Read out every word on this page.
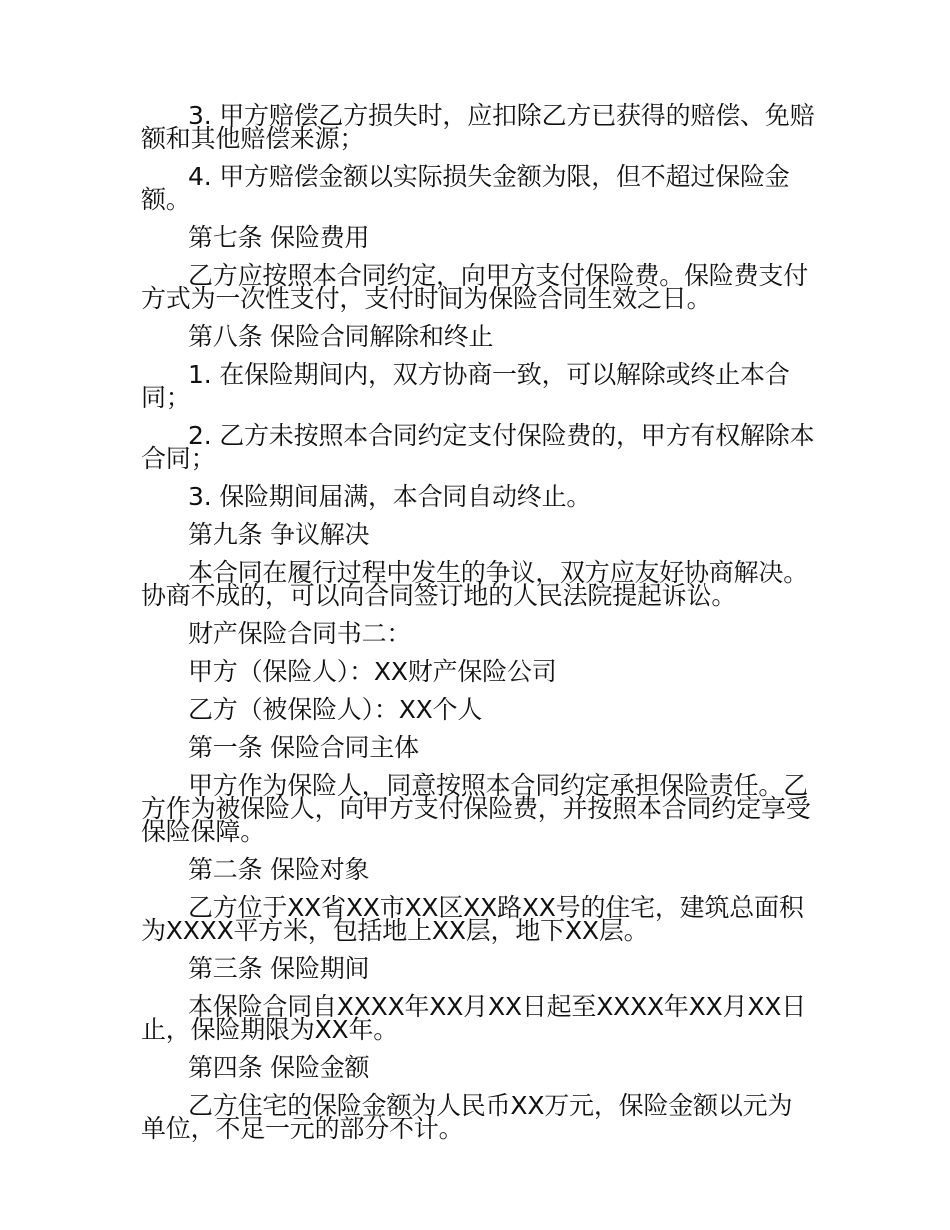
3. 甲方赔偿乙方损失时，应扣除乙方已获得的赔偿、免赔额和其他赔偿来源；

4. 甲方赔偿金额以实际损失金额为限，但不超过保险金额。

第七条 保险费用

乙方应按照本合同约定，向甲方支付保险费。保险费支付方式为一次性支付，支付时间为保险合同生效之日。

第八条 保险合同解除和终止

1. 在保险期间内，双方协商一致，可以解除或终止本合同；

2. 乙方未按照本合同约定支付保险费的，甲方有权解除本合同；

3. 保险期间届满，本合同自动终止。

第九条 争议解决

本合同在履行过程中发生的争议，双方应友好协商解决。协商不成的，可以向合同签订地的人民法院提起诉讼。

财产保险合同书二：

甲方（保险人）：XX财产保险公司

乙方（被保险人）：XX个人

第一条 保险合同主体

甲方作为保险人，同意按照本合同约定承担保险责任。乙方作为被保险人，向甲方支付保险费，并按照本合同约定享受保险保障。

第二条 保险对象

乙方位于XX省XX市XX区XX路XX号的住宅，建筑总面积为XXXX平方米，包括地上XX层，地下XX层。

第三条 保险期间

本保险合同自XXXX年XX月XX日起至XXXX年XX月XX日止，保险期限为XX年。

第四条 保险金额

乙方住宅的保险金额为人民币XX万元，保险金额以元为单位，不足一元的部分不计。
